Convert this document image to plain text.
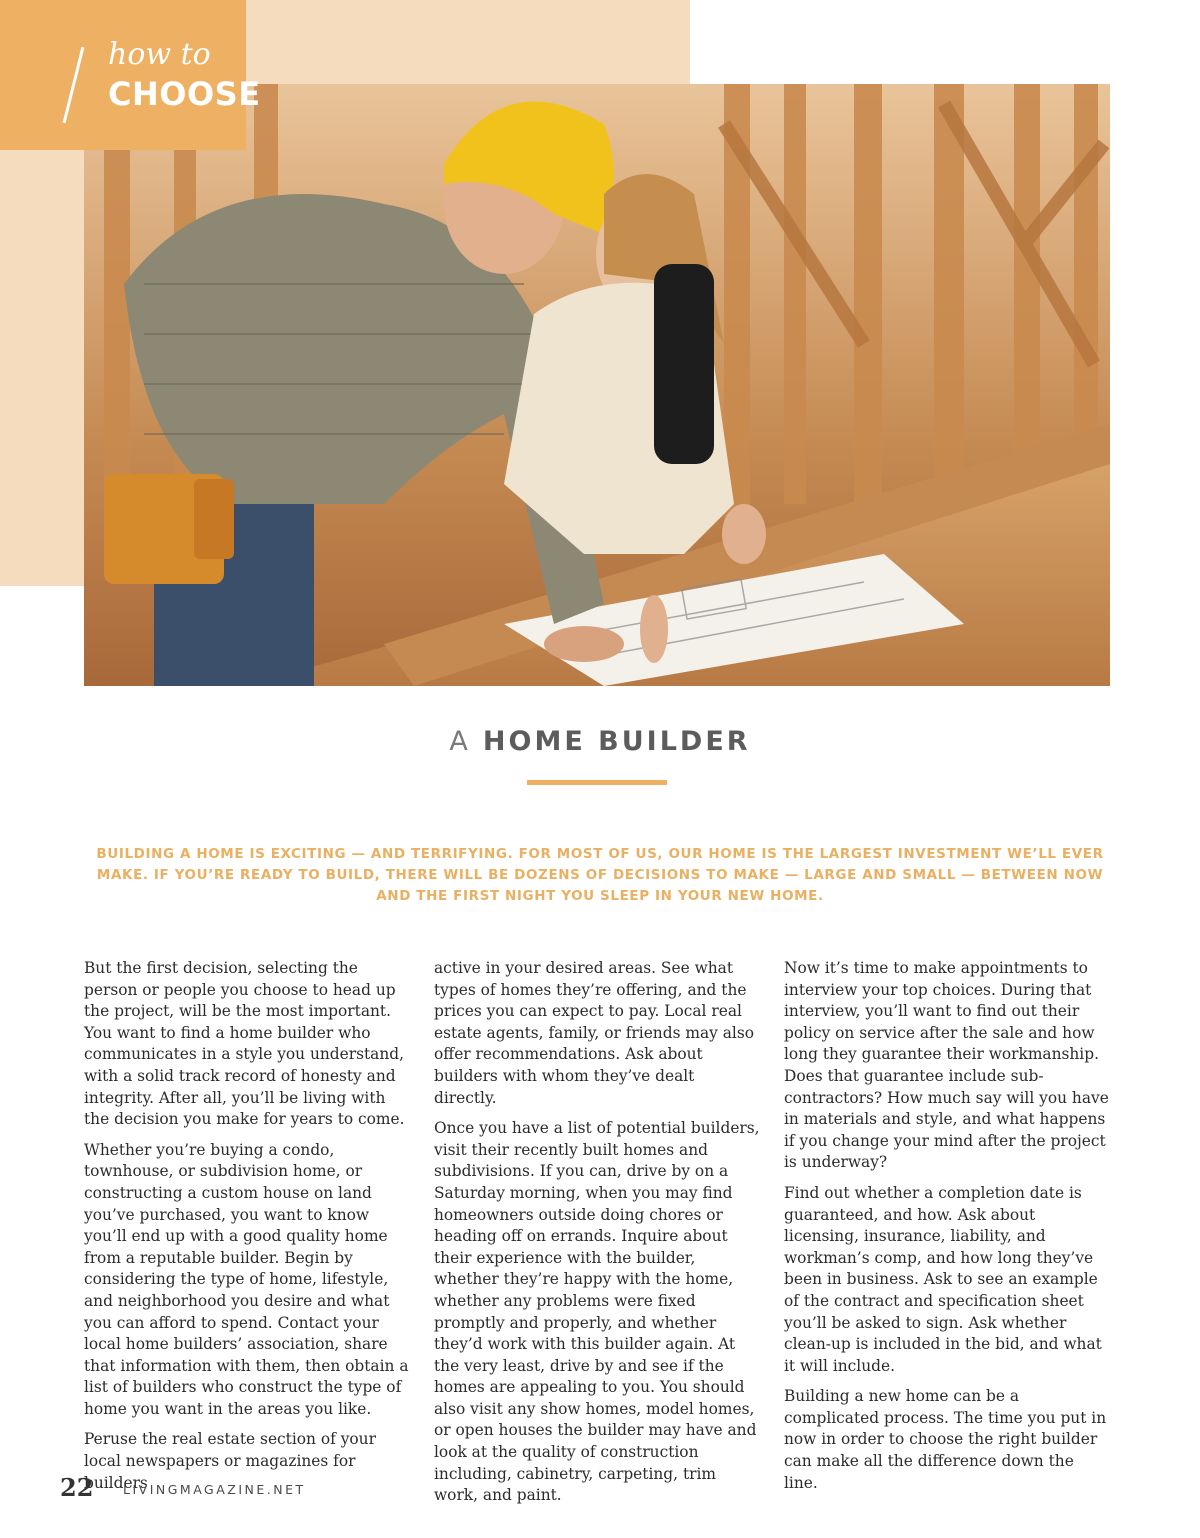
how to
CHOOSE
A HOME BUILDER
BUILDING A HOME IS EXCITING — AND TERRIFYING. FOR MOST OF US, OUR HOME IS THE LARGEST INVESTMENT WE’LL EVER MAKE. IF YOU’RE READY TO BUILD, THERE WILL BE DOZENS OF DECISIONS TO MAKE — LARGE AND SMALL — BETWEEN NOW AND THE FIRST NIGHT YOU SLEEP IN YOUR NEW HOME.

But the first decision, selecting the person or people you choose to head up the project, will be the most important. You want to find a home builder who communicates in a style you understand, with a solid track record of honesty and integrity. After all, you’ll be living with the decision you make for years to come.

Whether you’re buying a condo, townhouse, or subdivision home, or constructing a custom house on land you’ve purchased, you want to know you’ll end up with a good quality home from a reputable builder. Begin by considering the type of home, lifestyle, and neighborhood you desire and what you can afford to spend. Contact your local home builders’ association, share that information with them, then obtain a list of builders who construct the type of home you want in the areas you like.

Peruse the real estate section of your local newspapers or magazines for builders

active in your desired areas. See what types of homes they’re offering, and the prices you can expect to pay. Local real estate agents, family, or friends may also offer recommendations. Ask about builders with whom they’ve dealt directly.

Once you have a list of potential builders, visit their recently built homes and subdivisions. If you can, drive by on a Saturday morning, when you may find homeowners outside doing chores or heading off on errands. Inquire about their experience with the builder, whether they’re happy with the home, whether any problems were fixed promptly and properly, and whether they’d work with this builder again. At the very least, drive by and see if the homes are appealing to you. You should also visit any show homes, model homes, or open houses the builder may have and look at the quality of construction including, cabinetry, carpeting, trim work, and paint.

Now it’s time to make appointments to interview your top choices. During that interview, you’ll want to find out their policy on service after the sale and how long they guarantee their workmanship. Does that guarantee include sub-contractors? How much say will you have in materials and style, and what happens if you change your mind after the project is underway?

Find out whether a completion date is guaranteed, and how. Ask about licensing, insurance, liability, and workman’s comp, and how long they’ve been in business. Ask to see an example of the contract and specification sheet you’ll be asked to sign. Ask whether clean-up is included in the bid, and what it will include.

Building a new home can be a complicated process. The time you put in now in order to choose the right builder can make all the difference down the line.

22 LIVINGMAGAZINE.NET
